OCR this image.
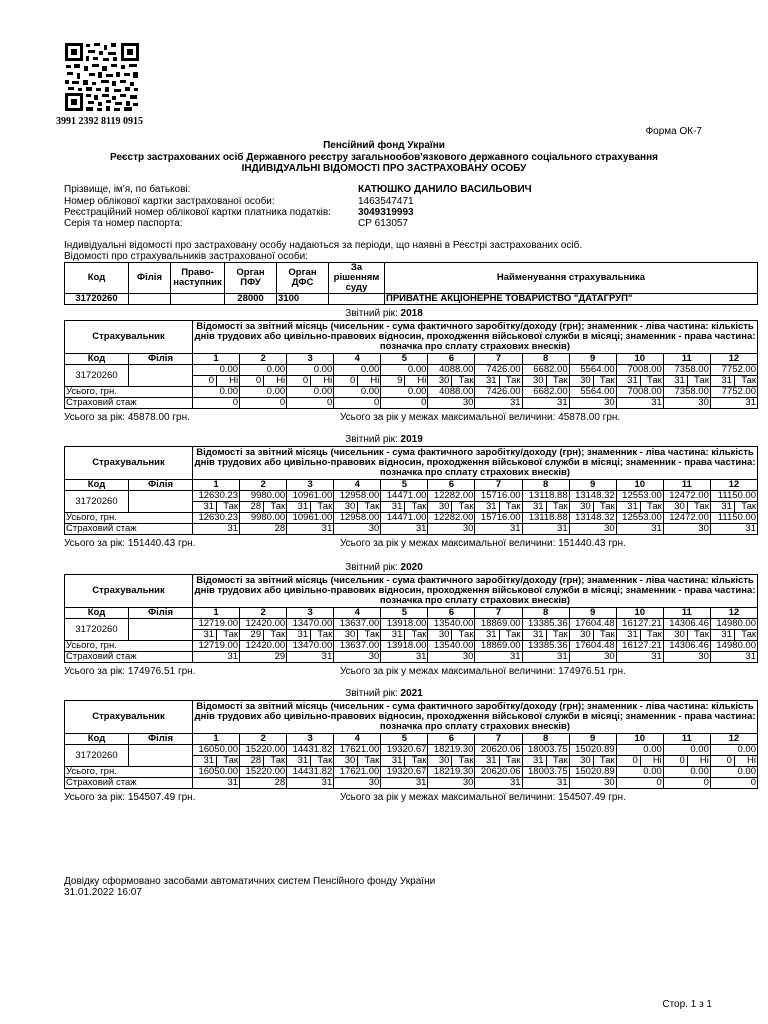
3991 2392 8119 0915
Форма ОК-7
Пенсійний фонд України
Реєстр застрахованих осіб Державного реєстру загальнообов'язкового державного соціального страхування
ІНДИВІДУАЛЬНІ ВІДОМОСТІ ПРО ЗАСТРАХОВАНУ ОСОБУ
Прізвище, ім'я, по батькові:	КАТЮШКО ДАНИЛО ВАСИЛЬОВИЧ
Номер облікової картки застрахованої особи:	1463547471
Реєстраційний номер облікової картки платника податків:	3049319993
Серія та номер паспорта:	СР 613057
Індивідуальні відомості про застраховану особу надаються за періоди, що наявні в Реєстрі застрахованих осіб.
Відомості про страхувальників застрахованої особи:
Код	Філія	Право-наступник	Орган ПФУ	Орган ДФС	За рішенням суду	Найменування страхувальника
31720260			28000	3100		ПРИВАТНЕ АКЦІОНЕРНЕ ТОВАРИСТВО "ДАТАГРУП"
Звітний рік: 2018
Страхувальник		Відомості за звітний місяць (чисельник - сума фактичного заробітку/доходу (грн); знаменник - ліва частина: кількість днів трудових або цивільно-правових відносин, проходження військової служби в місяці; знаменник - права частина: позначка про сплату страхових внесків)											
Код	Філія	1	2	3	4	5	6	7	8	9	10	11	12
31720260		0.00	0.00	0.00	0.00	0.00	4088.00	7426.00	6682.00	5564.00	7008.00	7358.00	7752.00

		0 Ні	0 Ні	0 Ні	0 Ні	9 Ні	30 Так	31 Так	30 Так	30 Так	31 Так	31 Так	31 Так

Усього, грн.		0.00	0.00	0.00	0.00	0.00	4088.00	7426.00	6682.00	5564.00	7008.00	7358.00	7752.00
Страховий стаж		0	0	0	0	0	30	31	31	30	31	30	31
Усього за рік: 45878.00 грн.	Усього за рік у межах максимальної величини: 45878.00 грн.
Звітний рік: 2019
Страхувальник		Відомості за звітний місяць (чисельник - сума фактичного заробітку/доходу (грн); знаменник - ліва частина: кількість днів трудових або цивільно-правових відносин, проходження військової служби в місяці; знаменник - права частина: позначка про сплату страхових внесків)											
Код	Філія	1	2	3	4	5	6	7	8	9	10	11	12
31720260		12630.23	9980.00	10961.00	12958.00	14471.00	12282.00	15716.00	13118.88	13148.32	12553.00	12472.00	11150.00

		31 Так	28 Так	31 Так	30 Так	31 Так	30 Так	31 Так	31 Так	30 Так	31 Так	30 Так	31 Так

Усього, грн.		12630.23	9980.00	10961.00	12958.00	14471.00	12282.00	15716.00	13118.88	13148.32	12553.00	12472.00	11150.00
Страховий стаж		31	28	31	30	31	30	31	31	30	31	30	31
Усього за рік: 151440.43 грн.	Усього за рік у межах максимальної величини: 151440.43 грн.
Звітний рік: 2020
Страхувальник		Відомості за звітний місяць (чисельник - сума фактичного заробітку/доходу (грн); знаменник - ліва частина: кількість днів трудових або цивільно-правових відносин, проходження військової служби в місяці; знаменник - права частина: позначка про сплату страхових внесків)											
Код	Філія	1	2	3	4	5	6	7	8	9	10	11	12
31720260		12719.00	12420.00	13470.00	13637.00	13918.00	13540.00	18869.00	13385.36	17604.48	16127.21	14306.46	14980.00

		31 Так	29 Так	31 Так	30 Так	31 Так	30 Так	31 Так	31 Так	30 Так	31 Так	30 Так	31 Так

Усього, грн.		12719.00	12420.00	13470.00	13637.00	13918.00	13540.00	18869.00	13385.36	17604.48	16127.21	14306.46	14980.00
Страховий стаж		31	29	31	30	31	30	31	31	30	31	30	31
Усього за рік: 174976.51 грн.	Усього за рік у межах максимальної величини: 174976.51 грн.
Звітний рік: 2021
Страхувальник		Відомості за звітний місяць (чисельник - сума фактичного заробітку/доходу (грн); знаменник - ліва частина: кількість днів трудових або цивільно-правових відносин, проходження військової служби в місяці; знаменник - права частина: позначка про сплату страхових внесків)											
Код	Філія	1	2	3	4	5	6	7	8	9	10	11	12
31720260		16050.00	15220.00	14431.82	17621.00	19320.67	18219.30	20620.06	18003.75	15020.89	0.00	0.00	0.00

		31 Так	28 Так	31 Так	30 Так	31 Так	30 Так	31 Так	31 Так	30 Так	0 Ні	0 Ні	0 Ні

Усього, грн.		16050.00	15220.00	14431.82	17621.00	19320.67	18219.30	20620.06	18003.75	15020.89	0.00	0.00	0.00
Страховий стаж		31	28	31	30	31	30	31	31	30	0	0	0
Усього за рік: 154507.49 грн.	Усього за рік у межах максимальної величини: 154507.49 грн.
Довідку сформовано засобами автоматичних систем Пенсійного фонду України
31.01.2022 16:07
Стор. 1 з 1
